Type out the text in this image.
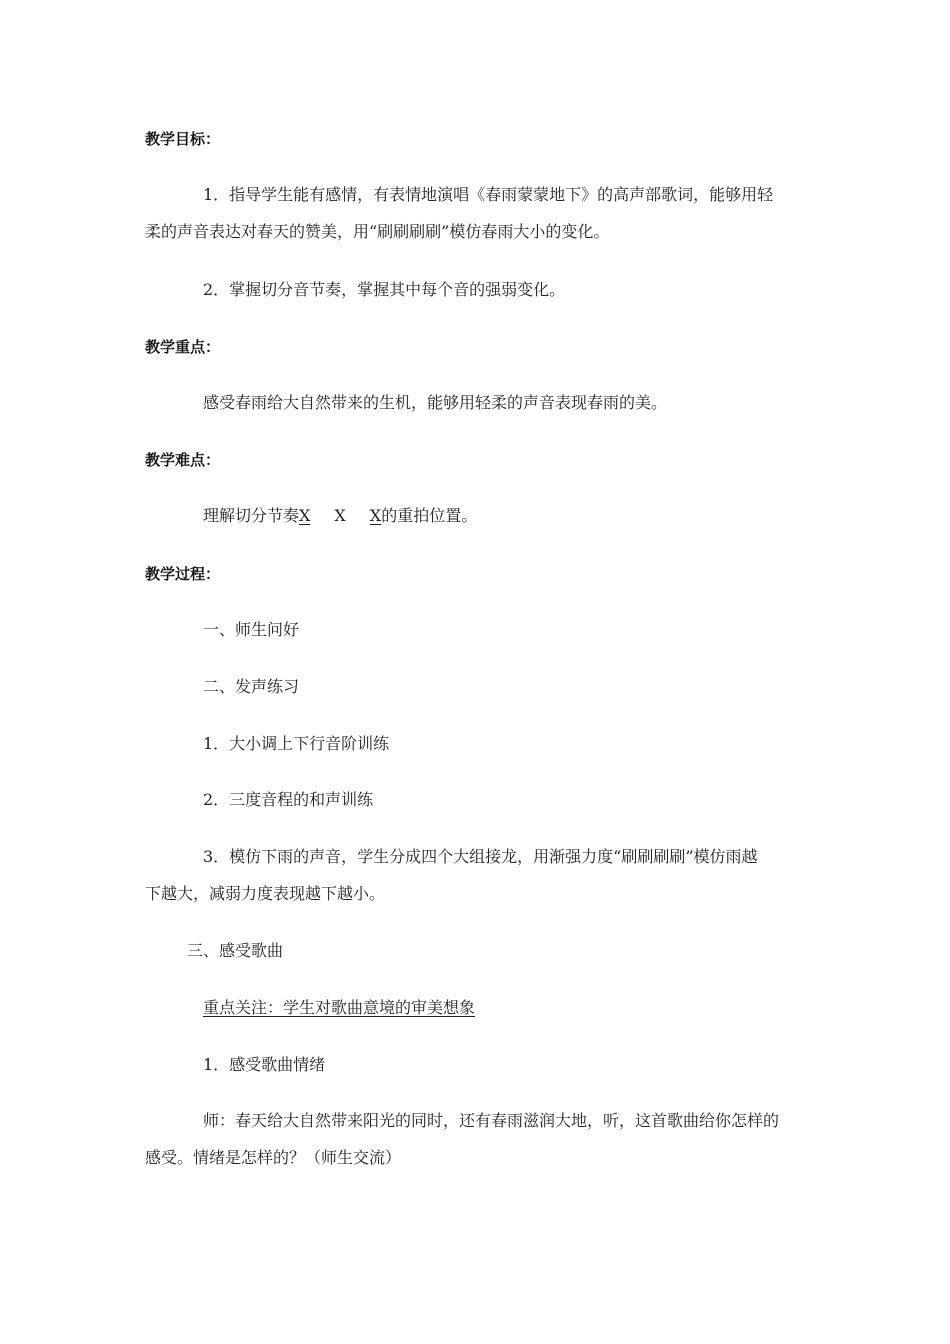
教学目标：
1．指导学生能有感情，有表情地演唱《春雨蒙蒙地下》的高声部歌词，能够用轻
柔的声音表达对春天的赞美，用“刷刷刷刷”模仿春雨大小的变化。
2．掌握切分音节奏，掌握其中每个音的强弱变化。
教学重点：
感受春雨给大自然带来的生机，能够用轻柔的声音表现春雨的美。
教学难点：
理解切分节奏X X X的重拍位置。
教学过程：
一、师生问好
二、发声练习
1．大小调上下行音阶训练
2．三度音程的和声训练
3．模仿下雨的声音，学生分成四个大组接龙，用渐强力度“刷刷刷刷”模仿雨越
下越大，减弱力度表现越下越小。
三、感受歌曲
重点关注：学生对歌曲意境的审美想象
1．感受歌曲情绪
师：春天给大自然带来阳光的同时，还有春雨滋润大地，听，这首歌曲给你怎样的
感受。情绪是怎样的？（师生交流）
